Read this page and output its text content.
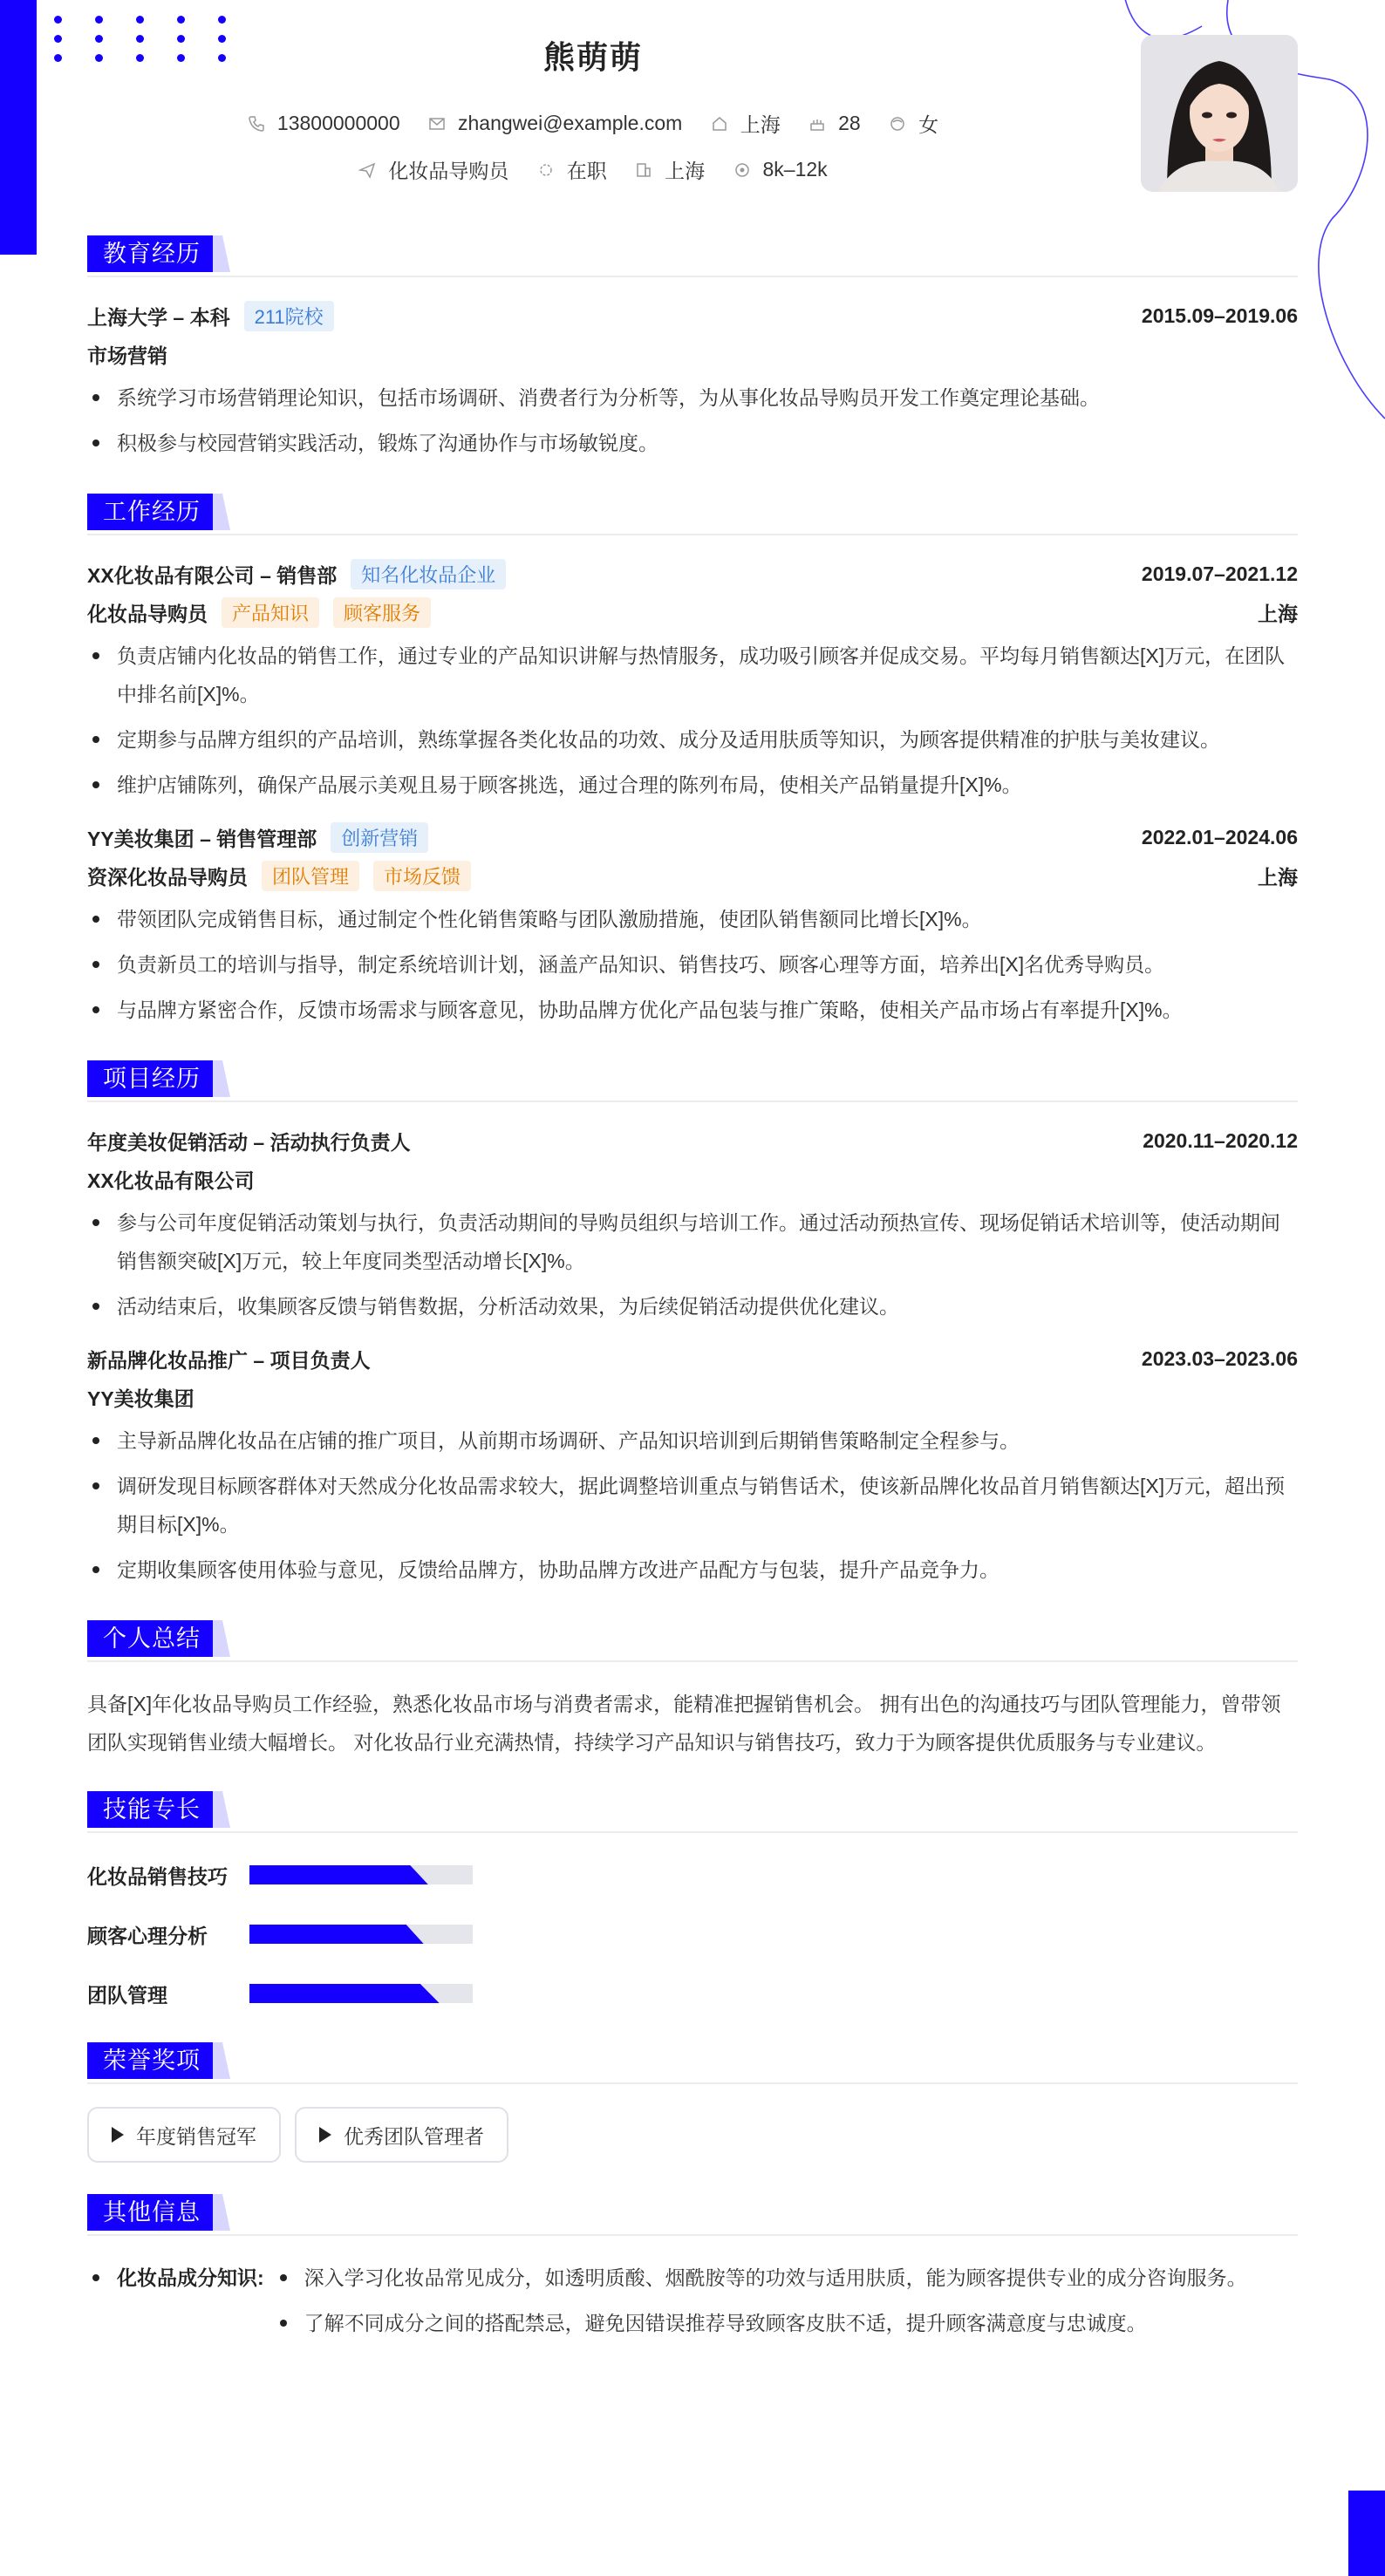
熊萌萌
13800000000
	zhangwei@example.com
	上海
	28
	女
化妆品导购员
	在职
	上海
	8k–12k
教育经历
上海大学 – 本科	211院校	2015.09–2019.06
市场营销
系统学习市场营销理论知识，包括市场调研、消费者行为分析等，为从事化妆品导购员开发工作奠定理论基础。
积极参与校园营销实践活动，锻炼了沟通协作与市场敏锐度。
工作经历
XX化妆品有限公司 – 销售部	知名化妆品企业	2019.07–2021.12
化妆品导购员	产品知识	顾客服务	上海
负责店铺内化妆品的销售工作，通过专业的产品知识讲解与热情服务，成功吸引顾客并促成交易。平均每月销售额达[X]万元，在团队中排名前[X]%。
定期参与品牌方组织的产品培训，熟练掌握各类化妆品的功效、成分及适用肤质等知识，为顾客提供精准的护肤与美妆建议。
维护店铺陈列，确保产品展示美观且易于顾客挑选，通过合理的陈列布局，使相关产品销量提升[X]%。
YY美妆集团 – 销售管理部	创新营销	2022.01–2024.06
资深化妆品导购员	团队管理	市场反馈	上海
带领团队完成销售目标，通过制定个性化销售策略与团队激励措施，使团队销售额同比增长[X]%。
负责新员工的培训与指导，制定系统培训计划，涵盖产品知识、销售技巧、顾客心理等方面，培养出[X]名优秀导购员。
与品牌方紧密合作，反馈市场需求与顾客意见，协助品牌方优化产品包装与推广策略，使相关产品市场占有率提升[X]%。
项目经历
年度美妆促销活动 – 活动执行负责人	2020.11–2020.12
XX化妆品有限公司
参与公司年度促销活动策划与执行，负责活动期间的导购员组织与培训工作。通过活动预热宣传、现场促销话术培训等，使活动期间销售额突破[X]万元，较上年度同类型活动增长[X]%。
活动结束后，收集顾客反馈与销售数据，分析活动效果，为后续促销活动提供优化建议。
新品牌化妆品推广 – 项目负责人	2023.03–2023.06
YY美妆集团
主导新品牌化妆品在店铺的推广项目，从前期市场调研、产品知识培训到后期销售策略制定全程参与。
调研发现目标顾客群体对天然成分化妆品需求较大，据此调整培训重点与销售话术，使该新品牌化妆品首月销售额达[X]万元，超出预期目标[X]%。
定期收集顾客使用体验与意见，反馈给品牌方，协助品牌方改进产品配方与包装，提升产品竞争力。
个人总结
具备[X]年化妆品导购员工作经验，熟悉化妆品市场与消费者需求，能精准把握销售机会。 拥有出色的沟通技巧与团队管理能力，曾带领团队实现销售业绩大幅增长。 对化妆品行业充满热情，持续学习产品知识与销售技巧，致力于为顾客提供优质服务与专业建议。
技能专长
化妆品销售技巧
顾客心理分析
团队管理
荣誉奖项
年度销售冠军	优秀团队管理者
其他信息
化妆品成分知识:	深入学习化妆品常见成分，如透明质酸、烟酰胺等的功效与适用肤质，能为顾客提供专业的成分咨询服务。
了解不同成分之间的搭配禁忌，避免因错误推荐导致顾客皮肤不适，提升顾客满意度与忠诚度。
